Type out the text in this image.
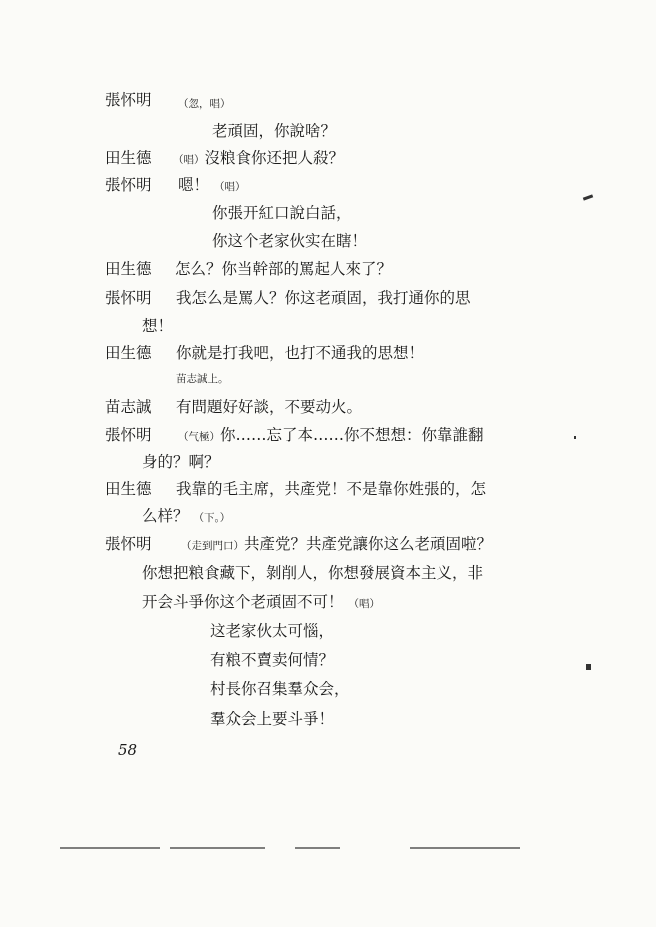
張怀明
田生德
張怀明
田生德
張怀明
田生德
苗志誠
張怀明
田生德
張怀明
（忽，唱）
老頑固，你說啥？
（唱）沒粮食你还把人殺？
嗯！ （唱）
你張开紅口說白話，
你这个老家伙实在瞎！
怎么？你当幹部的罵起人來了？
我怎么是罵人？你这老頑固，我打通你的思
想！
你就是打我吧，也打不通我的思想！
苗志誠上。
有問題好好談，不要动火。
（气極）你……忘了本……你不想想：你靠誰翻
身的？啊？
我靠的毛主席，共產党！不是靠你姓張的，怎
么样？ （下。）
（走到門口）共產党？共產党讓你这么老頑固啦？
你想把粮食藏下，剝削人，你想發展資本主义，非
开会斗爭你这个老頑固不可！ （唱）
这老家伙太可惱，
有粮不賣卖何情？
村長你召集羣众会，
羣众会上要斗爭！
58
